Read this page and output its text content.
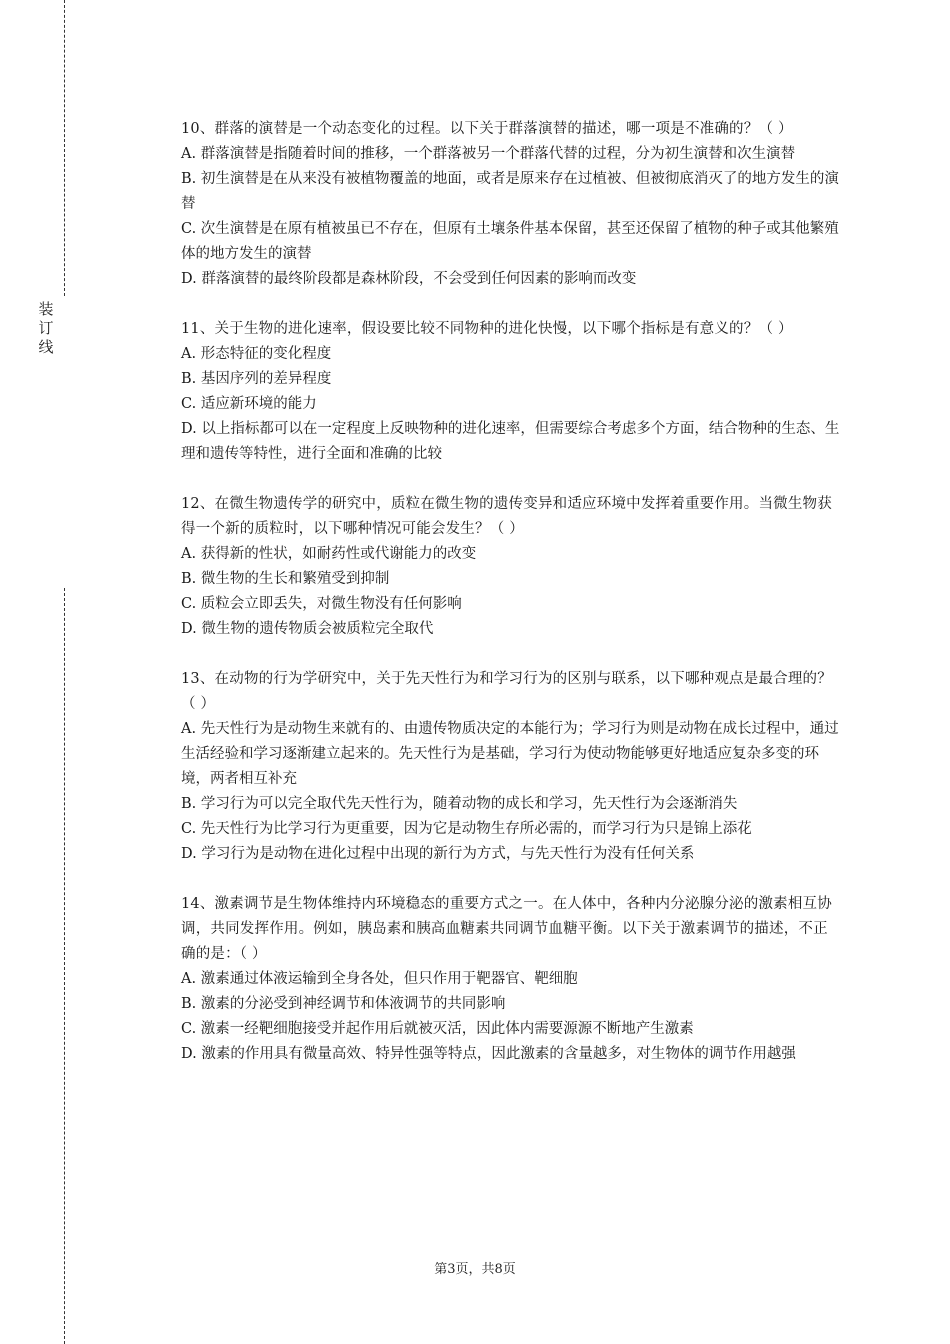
装
订
线

10、群落的演替是一个动态变化的过程。以下关于群落演替的描述，哪一项是不准确的？（ ）

A. 群落演替是指随着时间的推移，一个群落被另一个群落代替的过程，分为初生演替和次生演替

B. 初生演替是在从来没有被植物覆盖的地面，或者是原来存在过植被、但被彻底消灭了的地方发生的演替

C. 次生演替是在原有植被虽已不存在，但原有土壤条件基本保留，甚至还保留了植物的种子或其他繁殖体的地方发生的演替

D. 群落演替的最终阶段都是森林阶段，不会受到任何因素的影响而改变

11、关于生物的进化速率，假设要比较不同物种的进化快慢，以下哪个指标是有意义的？（ ）

A. 形态特征的变化程度

B. 基因序列的差异程度

C. 适应新环境的能力

D. 以上指标都可以在一定程度上反映物种的进化速率，但需要综合考虑多个方面，结合物种的生态、生理和遗传等特性，进行全面和准确的比较

12、在微生物遗传学的研究中，质粒在微生物的遗传变异和适应环境中发挥着重要作用。当微生物获得一个新的质粒时，以下哪种情况可能会发生？（ ）

A. 获得新的性状，如耐药性或代谢能力的改变

B. 微生物的生长和繁殖受到抑制

C. 质粒会立即丢失，对微生物没有任何影响

D. 微生物的遗传物质会被质粒完全取代

13、在动物的行为学研究中，关于先天性行为和学习行为的区别与联系，以下哪种观点是最合理的？（ ）

A. 先天性行为是动物生来就有的、由遗传物质决定的本能行为；学习行为则是动物在成长过程中，通过生活经验和学习逐渐建立起来的。先天性行为是基础，学习行为使动物能够更好地适应复杂多变的环境，两者相互补充

B. 学习行为可以完全取代先天性行为，随着动物的成长和学习，先天性行为会逐渐消失

C. 先天性行为比学习行为更重要，因为它是动物生存所必需的，而学习行为只是锦上添花

D. 学习行为是动物在进化过程中出现的新行为方式，与先天性行为没有任何关系

14、激素调节是生物体维持内环境稳态的重要方式之一。在人体中，各种内分泌腺分泌的激素相互协调，共同发挥作用。例如，胰岛素和胰高血糖素共同调节血糖平衡。以下关于激素调节的描述，不正确的是：（ ）

A. 激素通过体液运输到全身各处，但只作用于靶器官、靶细胞

B. 激素的分泌受到神经调节和体液调节的共同影响

C. 激素一经靶细胞接受并起作用后就被灭活，因此体内需要源源不断地产生激素

D. 激素的作用具有微量高效、特异性强等特点，因此激素的含量越多，对生物体的调节作用越强

第3页，共8页
